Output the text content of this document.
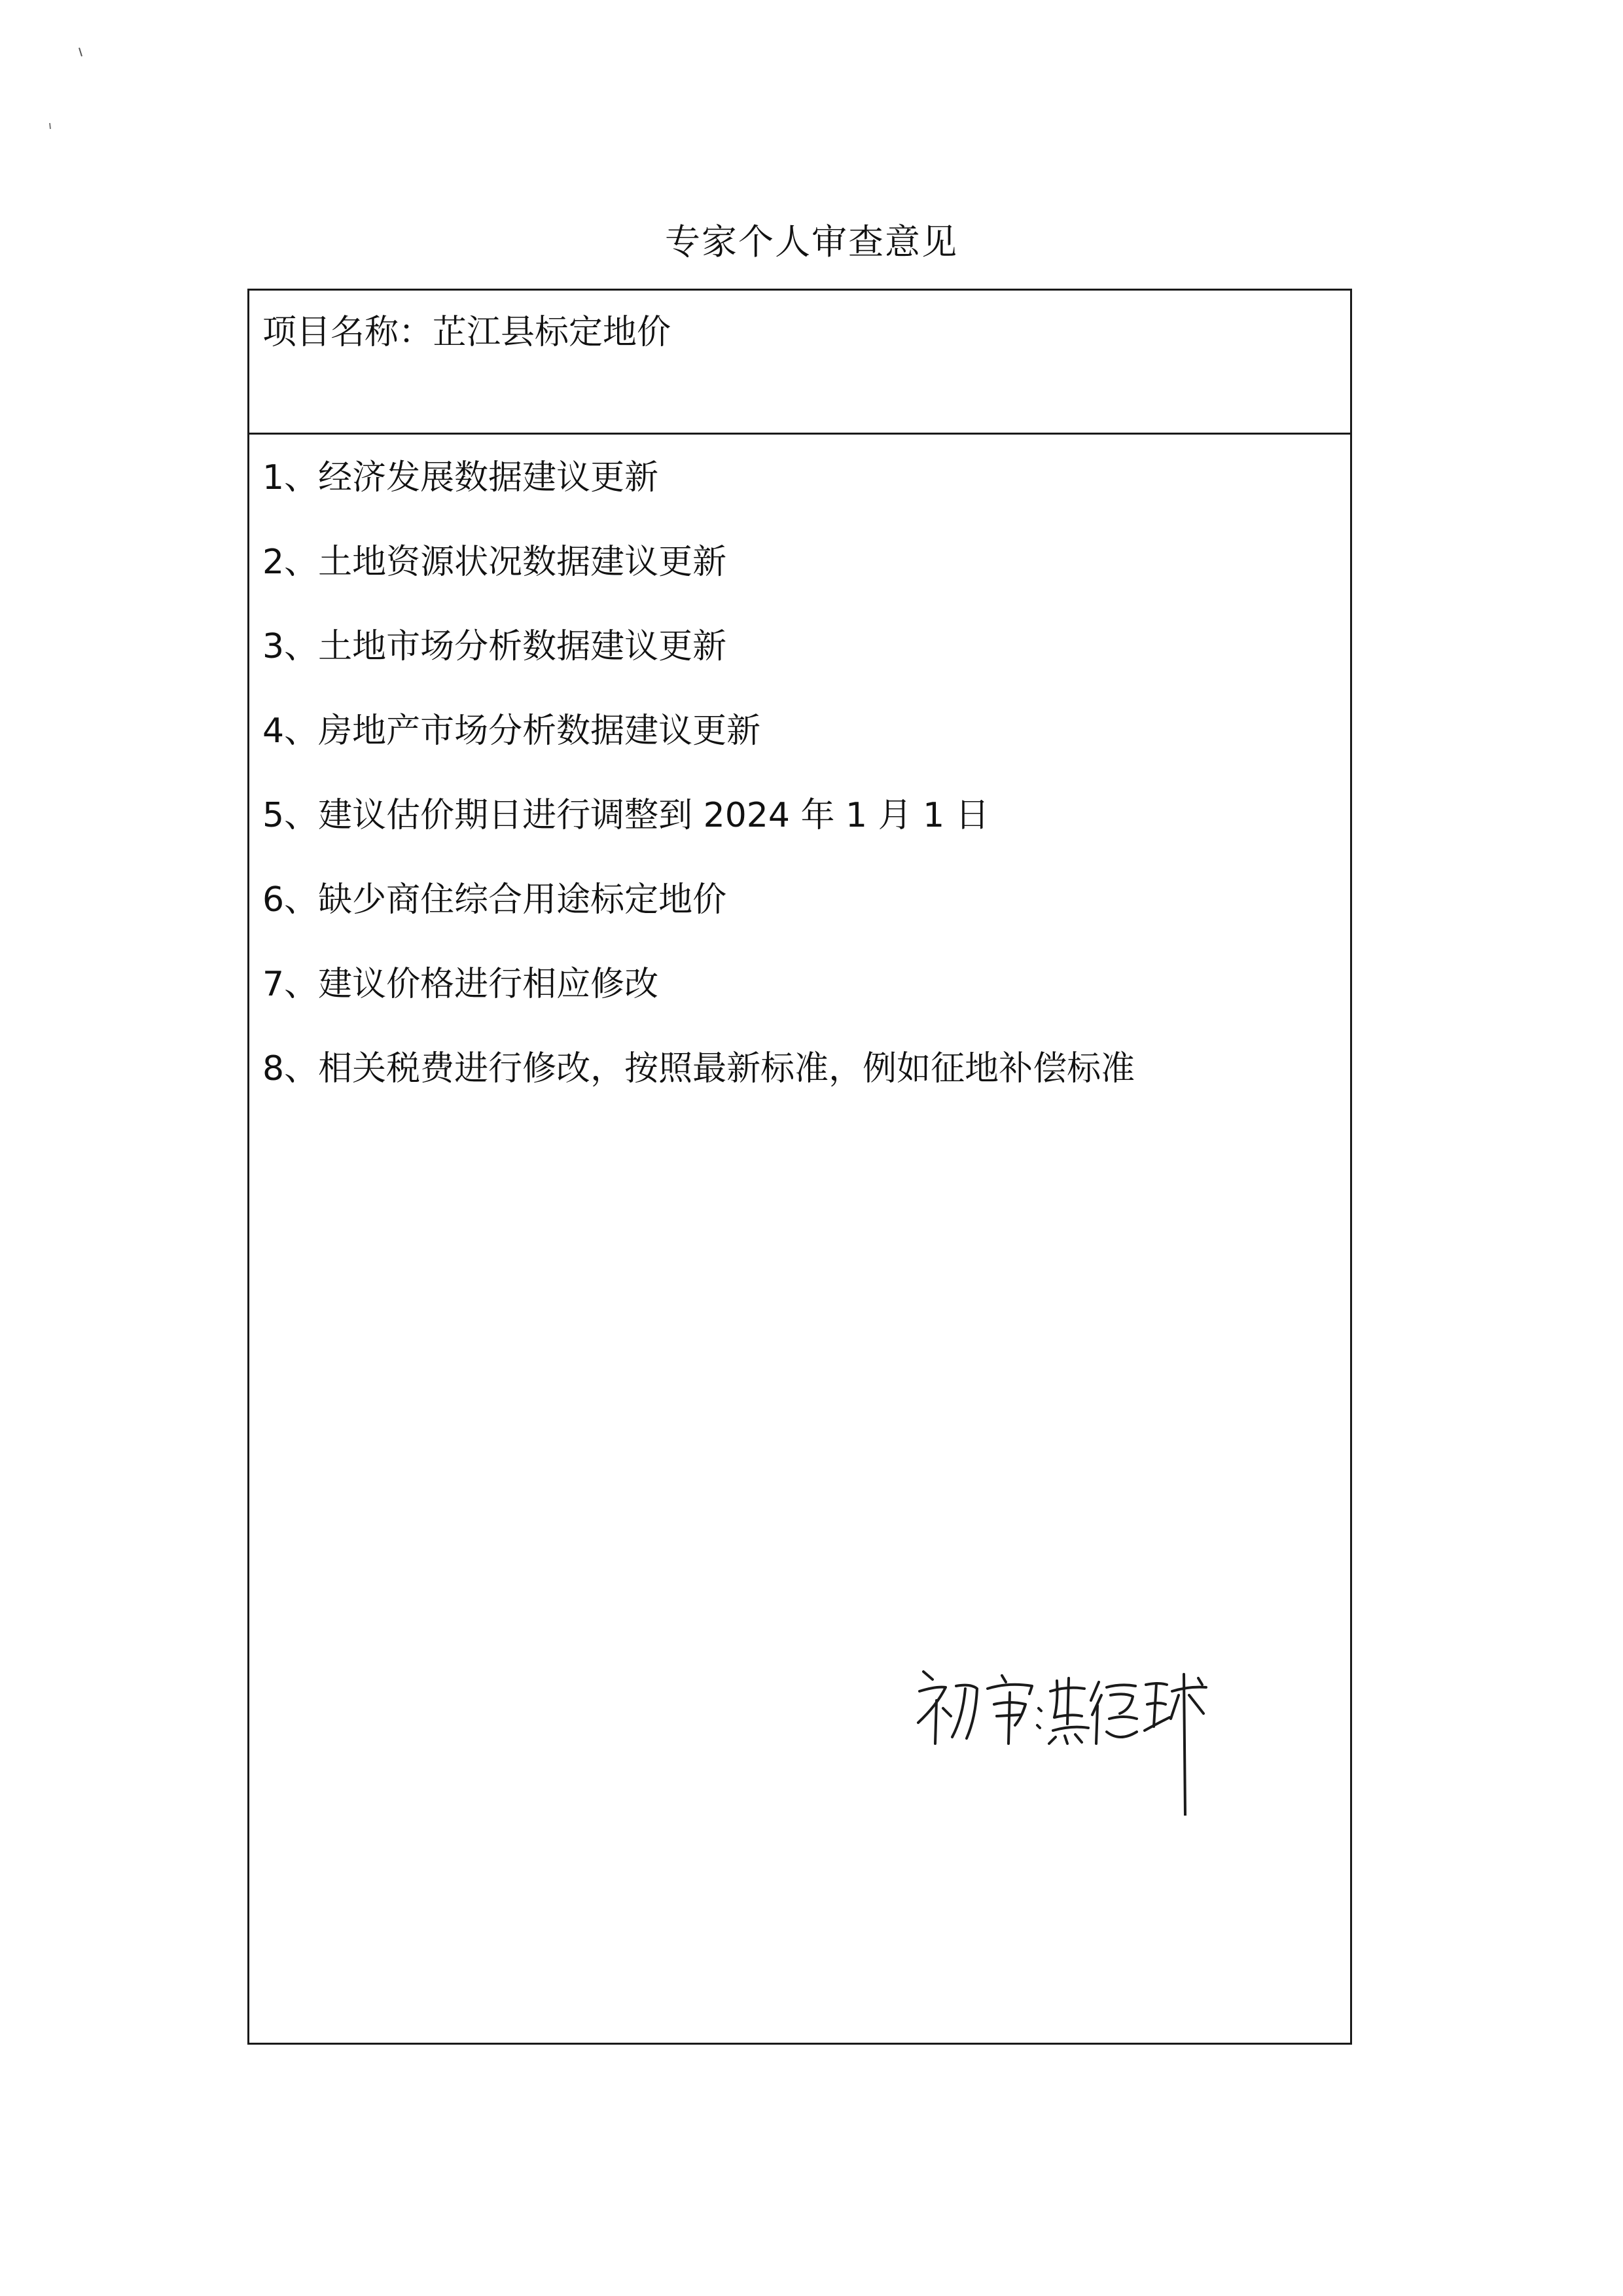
专家个人审查意见
项目名称：芷江县标定地价
1、经济发展数据建议更新
2、土地资源状况数据建议更新
3、土地市场分析数据建议更新
4、房地产市场分析数据建议更新
5、建议估价期日进行调整到 2024 年 1 月 1 日
6、缺少商住综合用途标定地价
7、建议价格进行相应修改
8、相关税费进行修改，按照最新标准，例如征地补偿标准
